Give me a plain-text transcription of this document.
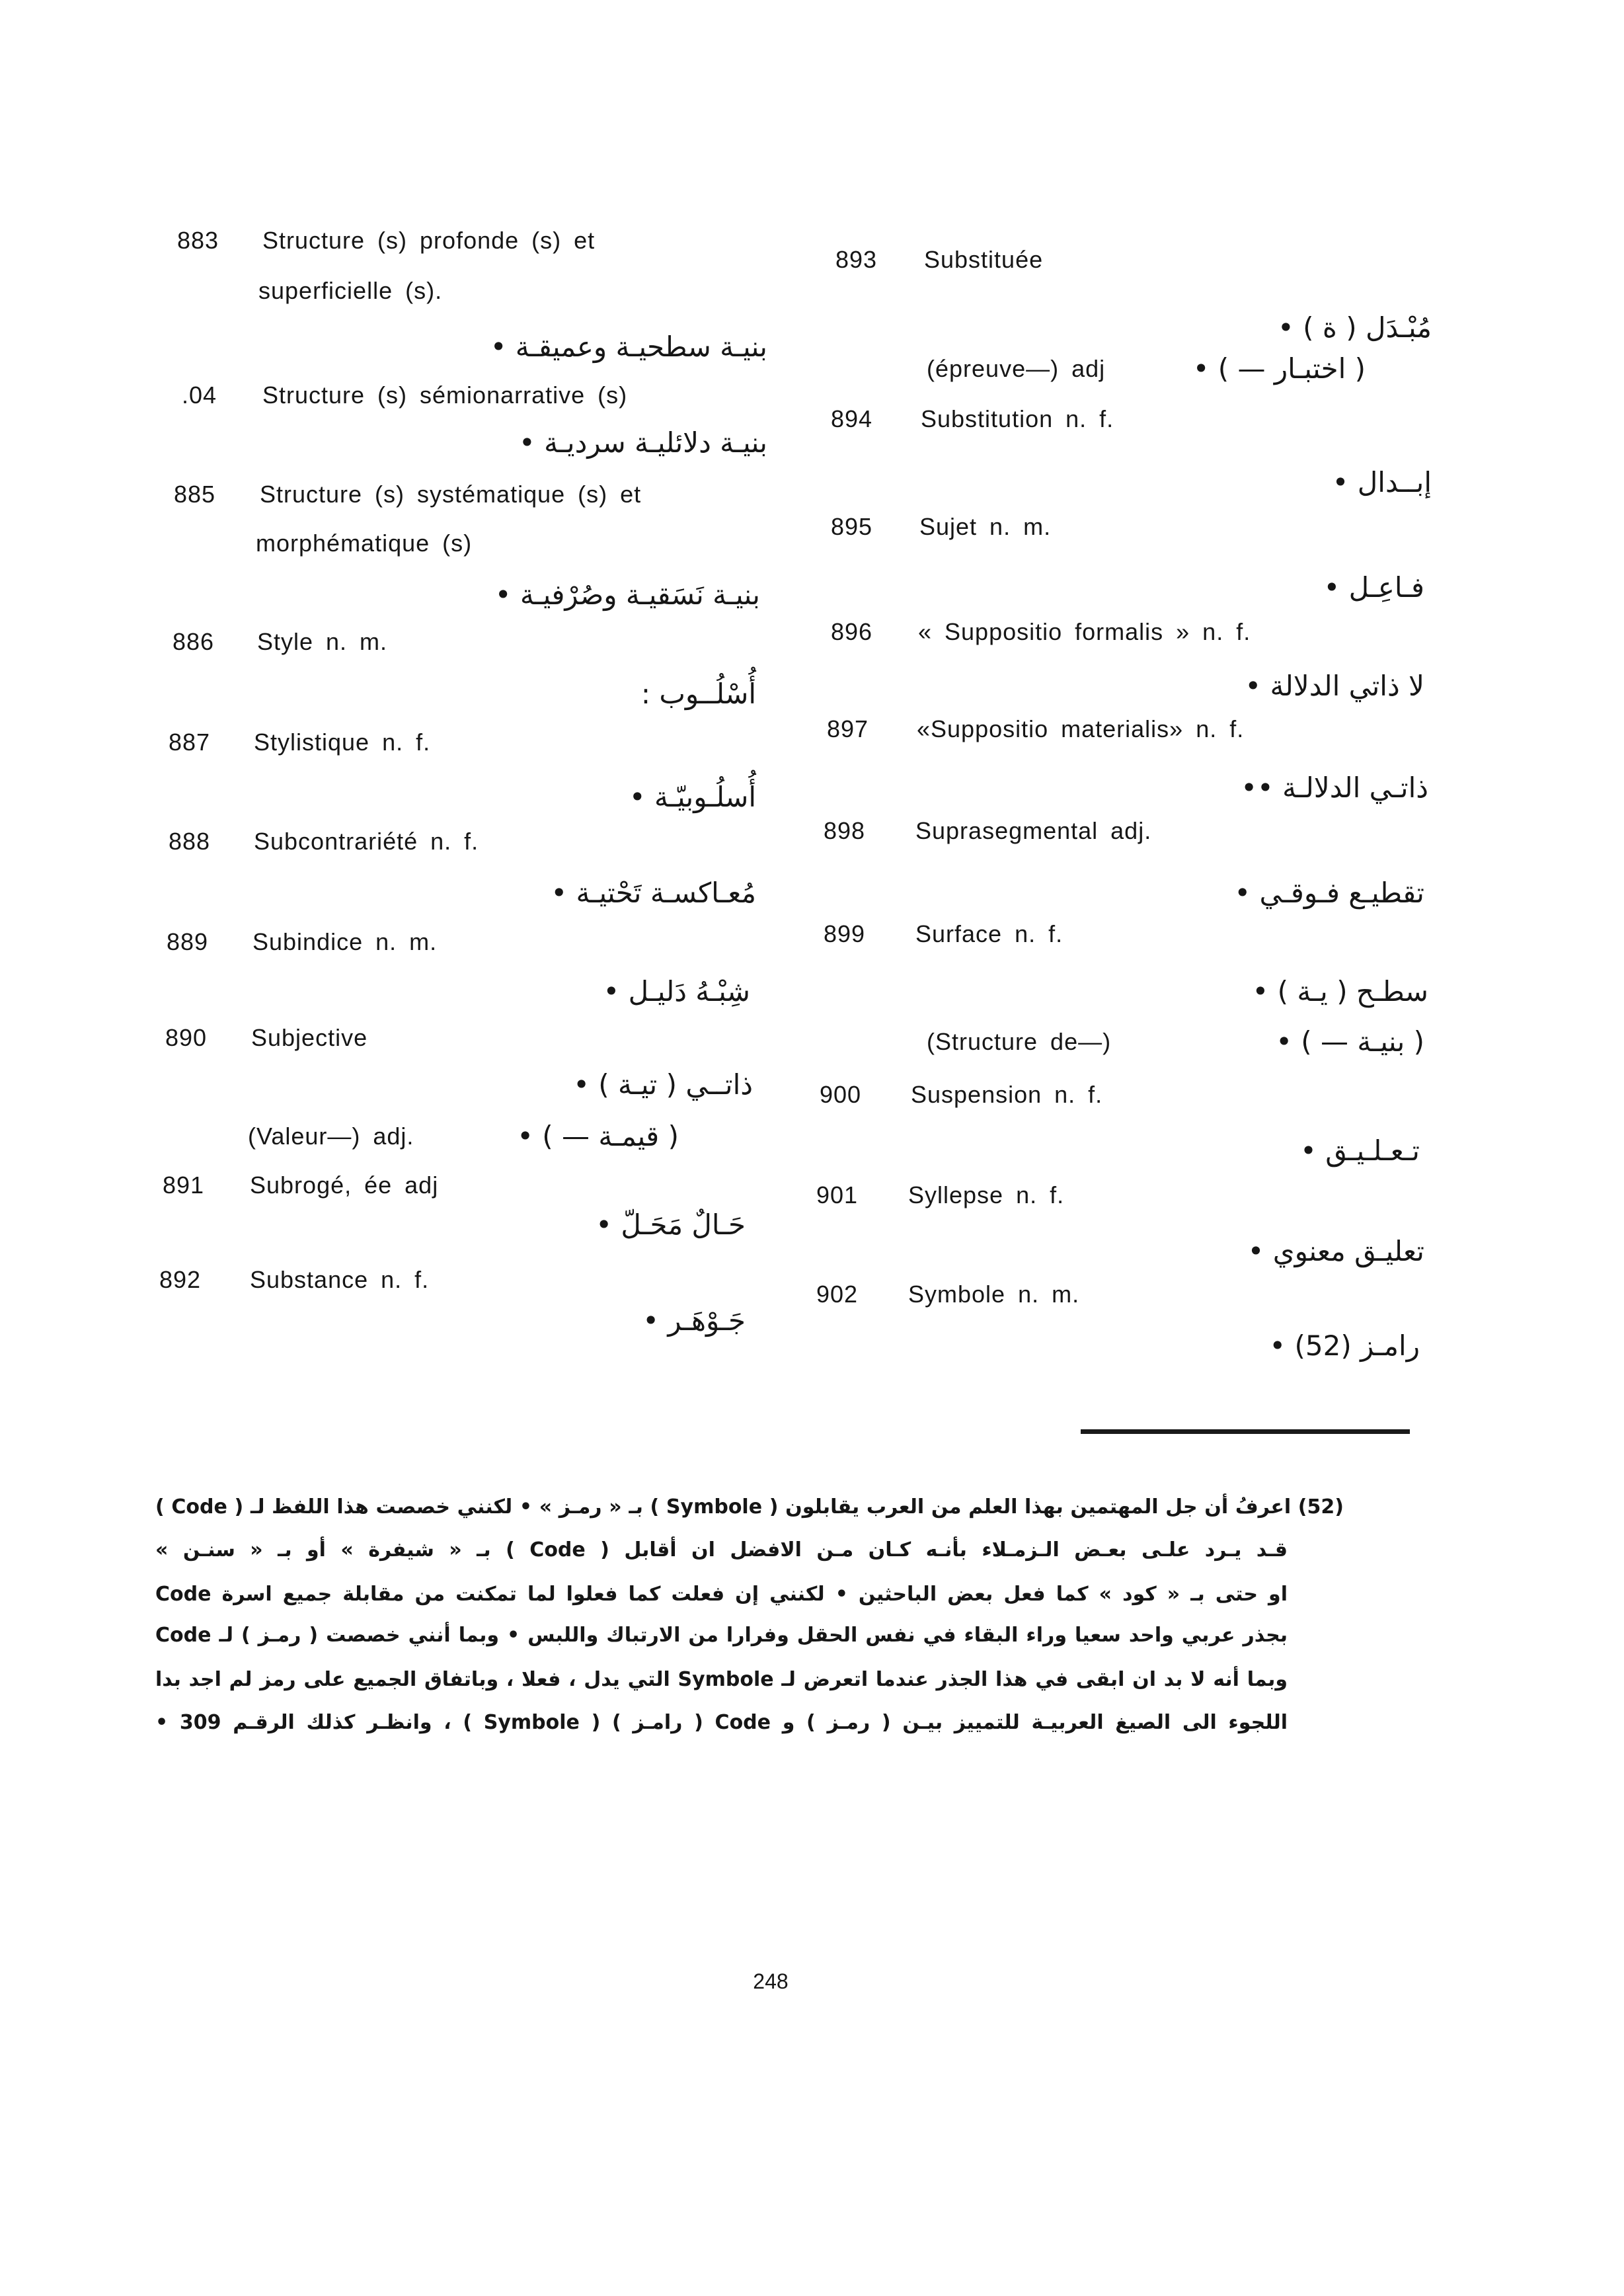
883 Structure (s) profonde (s) et
superficielle (s).
بنيـة سطحيـة وعميقـة •
.04 Structure (s) sémionarrative (s)
بنيـة دلائليـة سرديـة •
885 Structure (s) systématique (s) et
morphématique (s)
بنيـة نَسَقيـة وصُرْفيـة •
886 Style n. m.
أُسْلُــوب :
887 Stylistique n. f.
أُسلُـوبيّـة •
888 Subcontrariété n. f.
مُعـاكسـة تَحْتيـة •
889 Subindice n. m.
شِبْـهُ دَليـل •
890 Subjective
ذاتــي ( تيـة ) •
(Valeur—) adj.	( قيمـة — ) •
891 Subrogé, ée adj
حَـالٌ مَحَـلّ •
892 Substance n. f.
جَـوْهَـر •
893 Substituée
مُبْـدَل ( ة ) •
(épreuve—) adj	( اختبـار — ) •
894 Substitution n. f.
إبــدال •
895 Sujet n. m.
فـاعِـل •
896 « Suppositio formalis » n. f.
لا ذاتي الدلالة •
897 «Suppositio materialis» n. f.
ذاتـي الدلالـة ••
898 Suprasegmental adj.
تقطيـع فـوقـي •
899 Surface n. f.
سطـح ( يـة ) •
(Structure de—)	( بنيـة — ) •
900 Suspension n. f.
تـعـلـيـق •
901 Syllepse n. f.
تعليـق معنوي •
902 Symbole n. m.
رامـز (52) •
(52) اعرفُ أن جل المهتمين بهذا العلم من العرب يقابلون ( Symbole ) بـ « رمـز » • لكنني خصصت هذا اللفظ لـ ( Code )
قـد يـرد علـى بعـض الـزمـلاء بأنـه كـان مـن الافضل ان أقابل ( Code ) بـ « شيفرة » أو بـ « سنـن »
او حتى بـ « كود » كما فعل بعض الباحثين • لكنني إن فعلت كما فعلوا لما تمكنت من مقابلة جميع اسرة Code
بجذر عربي واحد سعيا وراء البقاء في نفس الحقل وفرارا من الارتباك واللبس • وبما أنني خصصت ( رمـز ) لـ Code
وبما أنه لا بد ان ابقى في هذا الجذر عندما اتعرض لـ Symbole التي يدل ، فعلا ، وباتفاق الجميع على رمز لم اجد بدا
اللجوء الى الصيغ العربيـة للتمييز بيـن ( رمـز ) و Code ( رامـز ) ( Symbole ) ، وانظـر كذلك الرقـم 309 •
248
